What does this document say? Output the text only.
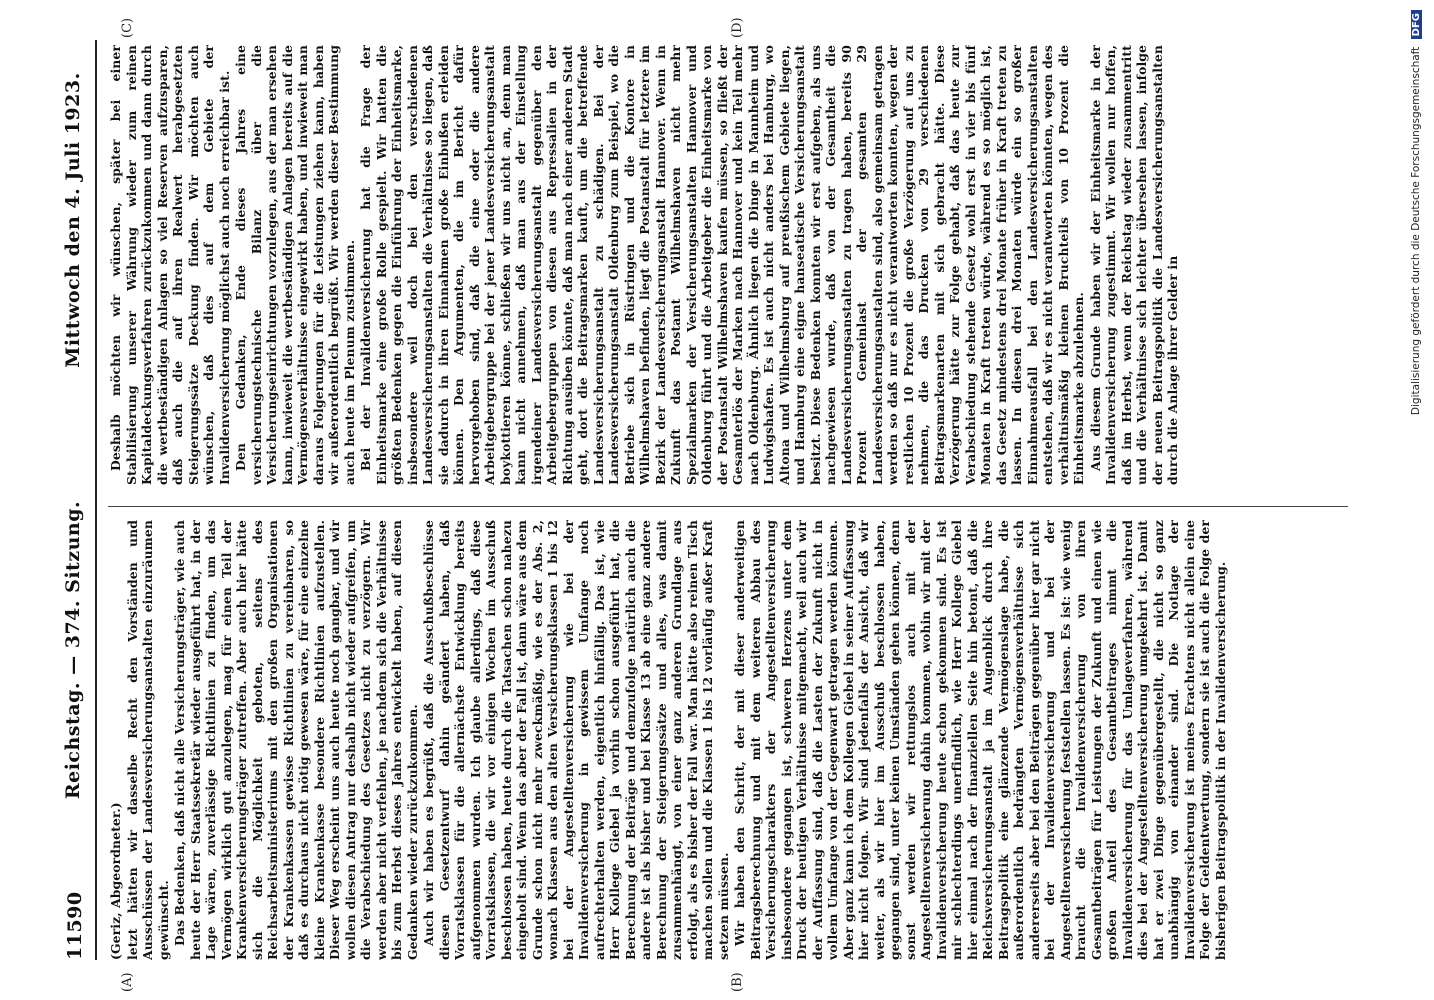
11590
Reichstag. — 374. Sitzung.
Mittwoch den 4. Juli 1923.
(A)	(B)
(C)	(D)

(Geriz, Abgeordneter.) letzt hätten wir dasselbe Recht den Vorständen und Ausschüssen der Landesversicherungsanstalten einzuräumen gewünscht. Das Bedenken, daß nicht alle Versicherungsträger, wie auch heute der Herr Staatssekretär wieder ausgeführt hat, in der Lage wären, zuverlässige Richtlinien zu finden, um das Vermögen wirklich gut anzulegen, mag für einen Teil der Krankenversicherungsträger zutreffen. Aber auch hier hätte sich die Möglichkeit geboten, seitens des Reichsarbeitsministeriums mit den großen Organisationen der Krankenkassen gewisse Richtlinien zu vereinbaren, so daß es durchaus nicht nötig gewesen wäre, für eine einzelne kleine Krankenkasse besondere Richtlinien aufzustellen. Dieser Weg erscheint uns auch heute noch gangbar, und wir wollen diesen Antrag nur deshalb nicht wieder aufgreifen, um die Verabschiedung des Gesetzes nicht zu verzögern. Wir werden aber nicht verfehlen, je nachdem sich die Verhältnisse bis zum Herbst dieses Jahres entwickelt haben, auf diesen Gedanken wieder zurückzukommen. Auch wir haben es begrüßt, daß die Ausschußbeschlüsse diesen Gesetzentwurf dahin geändert haben, daß Vorratsklassen für die allernächste Entwicklung bereits aufgenommen wurden. Ich glaube allerdings, daß diese Vorratsklassen, die wir vor einigen Wochen im Ausschuß beschlossen haben, heute durch die Tatsachen schon nahezu eingeholt sind. Wenn das aber der Fall ist, dann wäre aus dem Grunde schon nicht mehr zweckmäßig, wie es der Abs. 2, wonach Klassen aus den alten Versicherungsklassen 1 bis 12 bei der Angestelltenversicherung wie bei der Invalidenversicherung in gewissem Umfange noch aufrechterhalten werden, eigentlich hinfällig. Das ist, wie Herr Kollege Giebel ja vorhin schon ausgeführt hat, die Berechnung der Beiträge und demzufolge natürlich auch die andere ist als bisher und bei Klasse 13 ab eine ganz andere Berechnung der Steigerungssätze und alles, was damit zusammenhängt, von einer ganz anderen Grundlage aus erfolgt, als es bisher der Fall war. Man hätte also reinen Tisch machen sollen und die Klassen 1 bis 12 vorläufig außer Kraft setzen müssen. Wir haben den Schritt, der mit dieser anderweitigen Beitragsberechnung und mit dem weiteren Abbau des Versicherungscharakters der Angestelltenversicherung insbesondere gegangen ist, schweren Herzens unter dem Druck der heutigen Verhältnisse mitgemacht, weil auch wir der Auffassung sind, daß die Lasten der Zukunft nicht in vollem Umfange von der Gegenwart getragen werden können. Aber ganz kann ich dem Kollegen Giebel in seiner Auffassung hier nicht folgen. Wir sind jedenfalls der Ansicht, daß wir weiter, als wir hier im Ausschuß beschlossen haben, gegangen sind, unter keinen Umständen gehen können, denn sonst werden wir rettungslos auch mit der Angestelltenversicherung dahin kommen, wohin wir mit der Invalidenversicherung heute schon gekommen sind. Es ist mir schlechterdings unerfindlich, wie Herr Kollege Giebel hier einmal nach der finanziellen Seite hin betont, daß die Reichsversicherungsanstalt ja im Augenblick durch ihre Beitragspolitik eine glänzende Vermögenslage habe, die außerordentlich bedrängten Vermögensverhältnisse sich andererseits aber bei den Beiträgen gegenüber hier gar nicht bei der Invalidenversicherung und bei der Angestelltenversicherung feststellen lassen. Es ist: wie wenig braucht die Invalidenversicherung von ihren Gesamtbeiträgen für Leistungen der Zukunft und einen wie großen Anteil des Gesamtbeitrages nimmt die Invalidenversicherung für das Umlageverfahren, während dies bei der Angestelltenversicherung umgekehrt ist. Damit hat er zwei Dinge gegenübergestellt, die nicht so ganz unabhängig von einander sind. Die Notlage der Invalidenversicherung ist meines Erachtens nicht allein eine Folge der Geldentwertung, sondern sie ist auch die Folge der bisherigen Beitragspolitik in der Invalidenversicherung.

Deshalb möchten wir wünschen, später bei einer Stabilisierung unserer Währung wieder zum reinen Kapitaldeckungsverfahren zurückzukommen und dann durch die wertbeständigen Anlagen so viel Reserven aufzusparen, daß auch die auf ihren Realwert herabgesetzten Steigerungssätze Deckung finden. Wir möchten auch wünschen, daß dies auf dem Gebiete der Invalidenversicherung möglichst auch noch erreichbar ist. Den Gedanken, Ende dieses Jahres eine versicherungstechnische Bilanz über die Versicherungseinrichtungen vorzulegen, aus der man ersehen kann, inwieweit die wertbeständigen Anlagen bereits auf die Vermögensverhältnisse eingewirkt haben, und inwieweit man daraus Folgerungen für die Leistungen ziehen kann, haben wir außerordentlich begrüßt. Wir werden dieser Bestimmung auch heute im Plenum zustimmen. Bei der Invalidenversicherung hat die Frage der Einheitsmarke eine große Rolle gespielt. Wir hatten die größten Bedenken gegen die Einführung der Einheitsmarke, insbesondere weil doch bei den verschiedenen Landesversicherungsanstalten die Verhältnisse so liegen, daß sie dadurch in ihren Einnahmen große Einbußen erleiden können. Den Argumenten, die im Bericht dafür hervorgehoben sind, daß die eine oder die andere Arbeitgebergruppe bei der jener Landesversicherungsanstalt boykottieren könne, schließen wir uns nicht an, denn man kann nicht annehmen, daß man aus der Einstellung irgendeiner Landesversicherungsanstalt gegenüber den Arbeitgebergruppen von diesen aus Repressalien in der Richtung ausüben könnte, daß man nach einer anderen Stadt geht, dort die Beitragsmarken kauft, um die betreffende Landesversicherungsanstalt zu schädigen. Bei der Landesversicherungsanstalt Oldenburg zum Beispiel, wo die Betriebe sich in Rüstringen und die Kontore in Wilhelmshaven befinden, liegt die Postanstalt für letztere im Bezirk der Landesversicherungsanstalt Hannover. Wenn in Zukunft das Postamt Wilhelmshaven nicht mehr Spezialmarken der Versicherungsanstalten Hannover und Oldenburg führt und die Arbeitgeber die Einheitsmarke von der Postanstalt Wilhelmshaven kaufen müssen, so fließt der Gesamterlös der Marken nach Hannover und kein Teil mehr nach Oldenburg. Ähnlich liegen die Dinge in Mannheim und Ludwigshafen. Es ist auch nicht anders bei Hamburg, wo Altona und Wilhelmsburg auf preußischem Gebiete liegen, und Hamburg eine eigne hanseatische Versicherungsanstalt besitzt. Diese Bedenken konnten wir erst aufgeben, als uns nachgewiesen wurde, daß von der Gesamtheit die Landesversicherungsanstalten zu tragen haben, bereits 90 Prozent Gemeinlast der gesamten 29 Landesversicherungsanstalten sind, also gemeinsam getragen werden so daß nur es nicht verantworten konnten, wegen der restlichen 10 Prozent die große Verzögerung auf uns zu nehmen, die das Drucken von 29 verschiedenen Beitragsmarkenarten mit sich gebracht hätte. Diese Verzögerung hätte zur Folge gehabt, daß das heute zur Verabschiedung stehende Gesetz wohl erst in vier bis fünf Monaten in Kraft treten würde, während es so möglich ist, das Gesetz mindestens drei Monate früher in Kraft treten zu lassen. In diesen drei Monaten würde ein so großer Einnahmeausfall bei den Landesversicherungsanstalten entstehen, daß wir es nicht verantworten könnten, wegen des verhältnismäßig kleinen Bruchteils von 10 Prozent die Einheitsmarke abzulehnen. Aus diesem Grunde haben wir der Einheitsmarke in der Invalidenversicherung zugestimmt. Wir wollen nur hoffen, daß im Herbst, wenn der Reichstag wieder zusammentritt und die Verhältnisse sich leichter übersehen lassen, infolge der neuen Beitragspolitik die Landesversicherungsanstalten durch die Anlage ihrer Gelder in	Digitalisierung gefördert durch die Deutsche Forschungsgemeinschaft DFG
